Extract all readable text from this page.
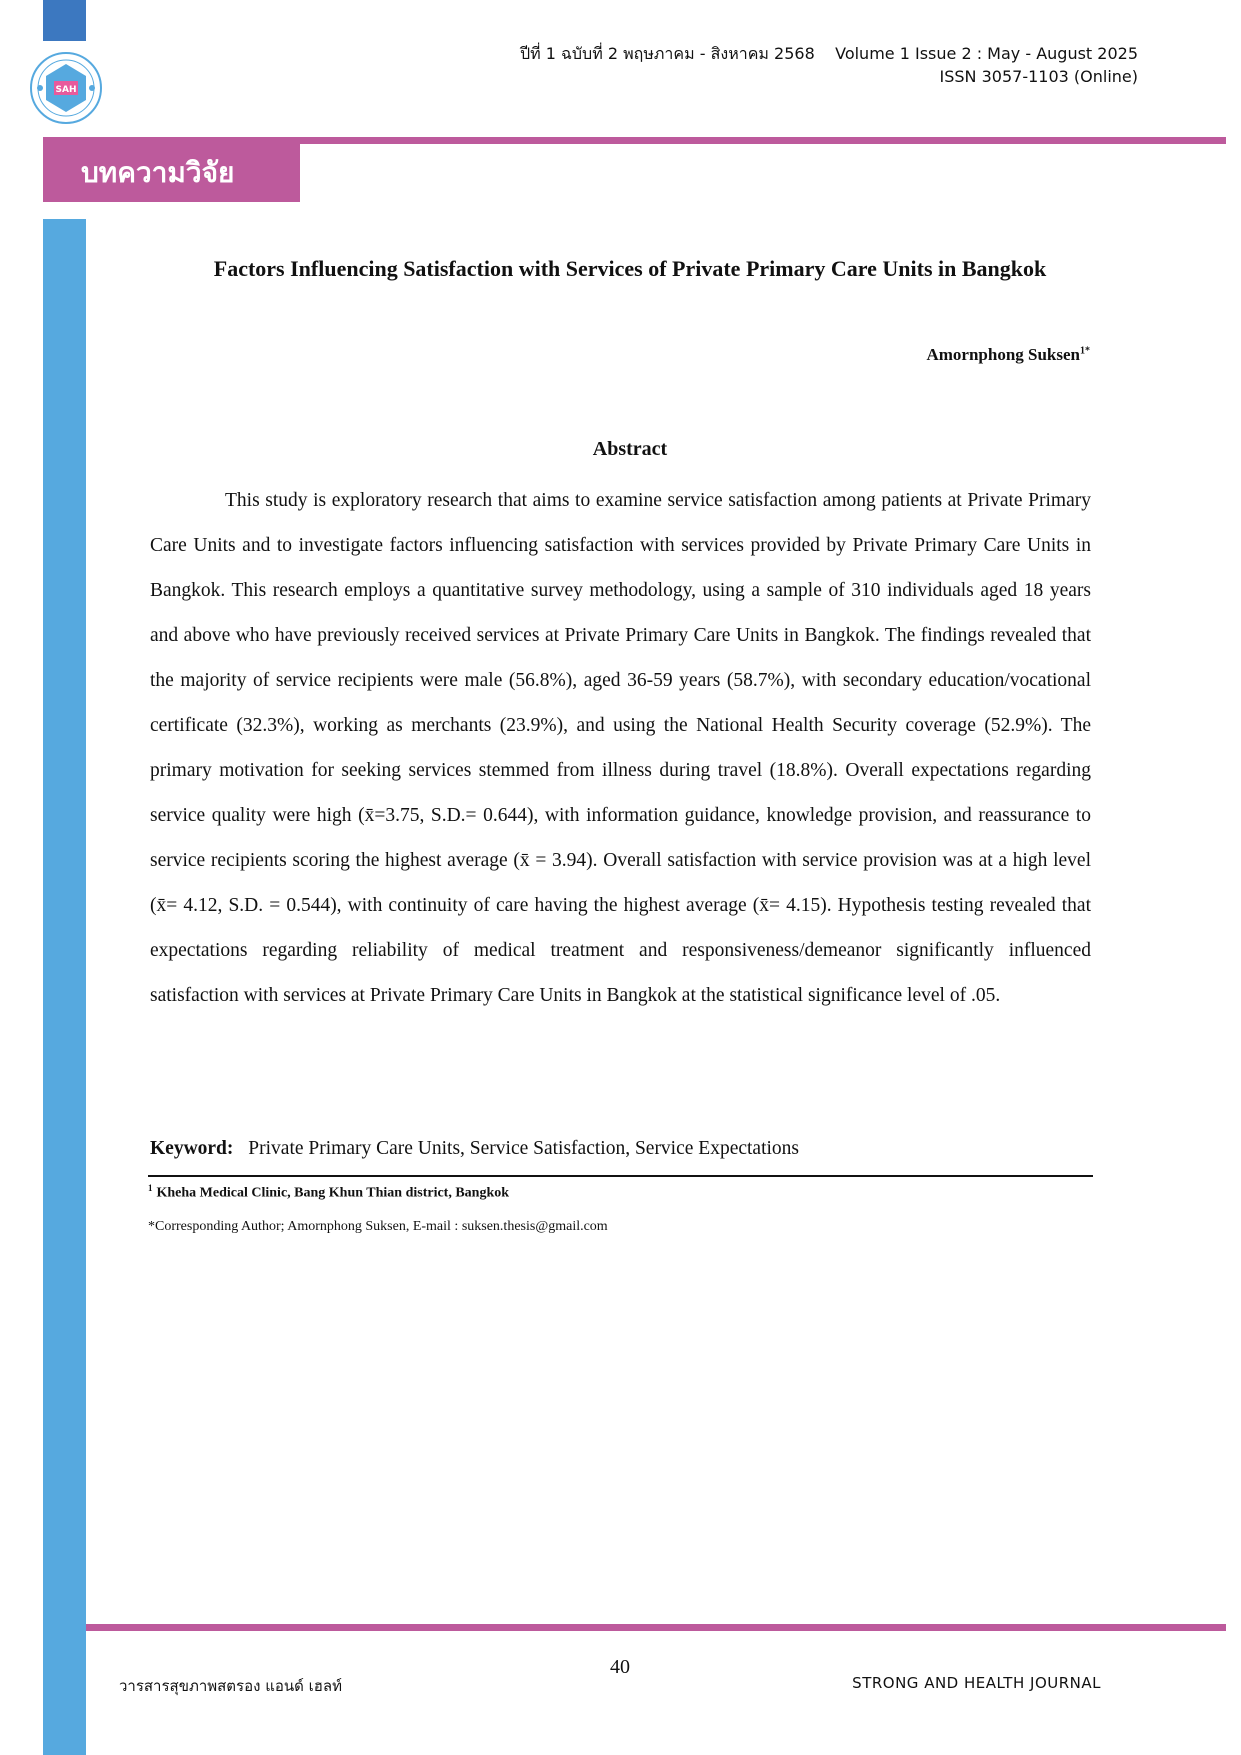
SAH
ปีที่ 1 ฉบับที่ 2 พฤษภาคม - สิงหาคม 2568    Volume 1 Issue 2 : May - August 2025
ISSN 3057-1103 (Online)
บทความวิจัย
Factors Influencing Satisfaction with Services of Private Primary Care Units in Bangkok
Amornphong Suksen$^{1*}$
Abstract

This study is exploratory research that aims to examine service satisfaction among patients at Private Primary Care Units and to investigate factors influencing satisfaction with services provided by Private Primary Care Units in Bangkok. This research employs a quantitative survey methodology, using a sample of 310 individuals aged 18 years and above who have previously received services at Private Primary Care Units in Bangkok. The findings revealed that the majority of service recipients were male (56.8%), aged 36-59 years (58.7%), with secondary education/vocational certificate (32.3%), working as merchants (23.9%), and using the National Health Security coverage (52.9%). The primary motivation for seeking services stemmed from illness during travel (18.8%). Overall expectations regarding service quality were high (x̄=3.75, S.D.= 0.644), with information guidance, knowledge provision, and reassurance to service recipients scoring the highest average (x̄ = 3.94). Overall satisfaction with service provision was at a high level (x̄= 4.12, S.D. = 0.544), with continuity of care having the highest average (x̄= 4.15). Hypothesis testing revealed that expectations regarding reliability of medical treatment and responsiveness/demeanor significantly influenced satisfaction with services at Private Primary Care Units in Bangkok at the statistical significance level of .05.

Keyword: Private Primary Care Units, Service Satisfaction, Service Expectations
$^1$ Kheha Medical Clinic, Bang Khun Thian district, Bangkok
*Corresponding Author; Amornphong Suksen, E-mail : suksen.thesis@gmail.com
40
วารสารสุขภาพสตรอง แอนด์ เฮลท์	STRONG AND HEALTH JOURNAL
